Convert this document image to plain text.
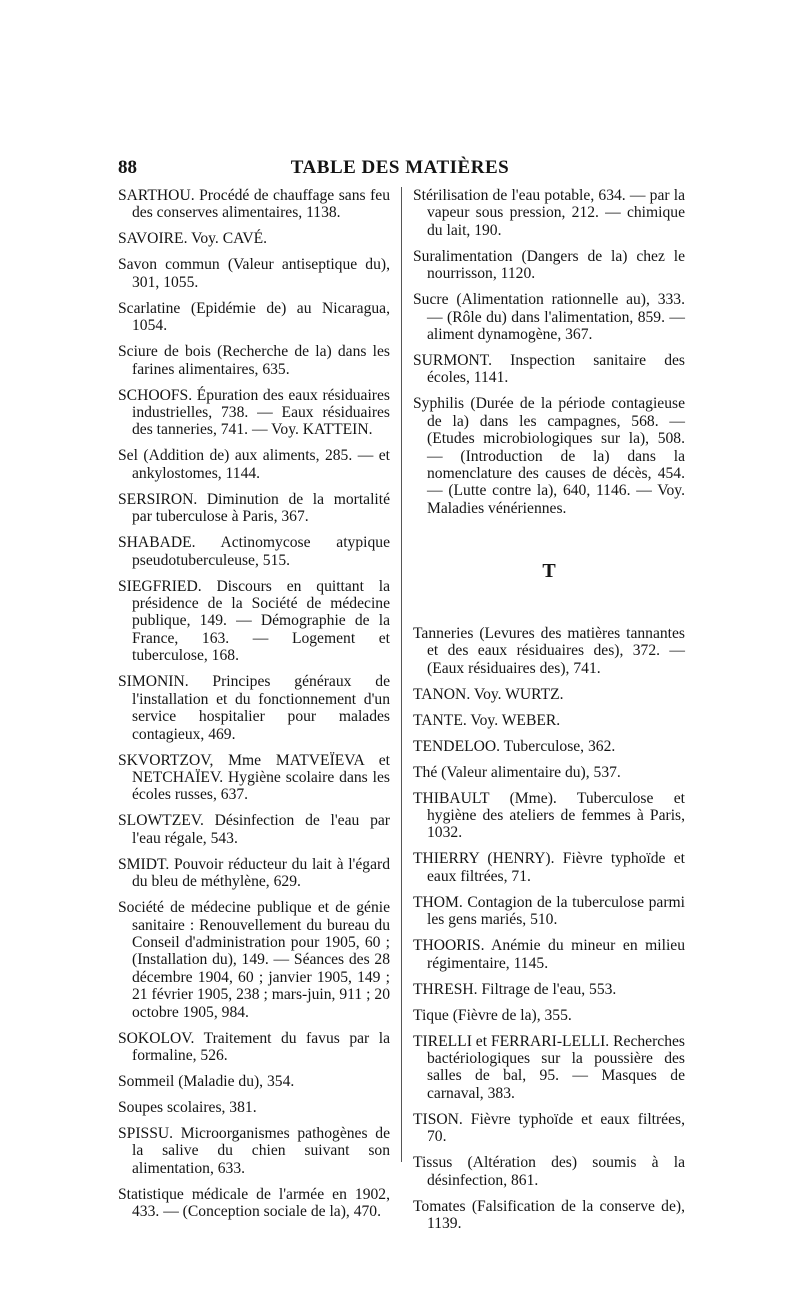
88	TABLE DES MATIÈRES

SARTHOU. Procédé de chauffage sans feu des conserves alimentaires, 1138.

SAVOIRE. Voy. CAVÉ.

Savon commun (Valeur antiseptique du), 301, 1055.

Scarlatine (Epidémie de) au Nicaragua, 1054.

Sciure de bois (Recherche de la) dans les farines alimentaires, 635.

SCHOOFS. Épuration des eaux résiduaires industrielles, 738. — Eaux résiduaires des tanneries, 741. — Voy. KATTEIN.

Sel (Addition de) aux aliments, 285. — et ankylostomes, 1144.

SERSIRON. Diminution de la mortalité par tuberculose à Paris, 367.

SHABADE. Actinomycose atypique pseudotuberculeuse, 515.

SIEGFRIED. Discours en quittant la présidence de la Société de médecine publique, 149. — Démographie de la France, 163. — Logement et tuberculose, 168.

SIMONIN. Principes généraux de l'installation et du fonctionnement d'un service hospitalier pour malades contagieux, 469.

SKVORTZOV, Mme MATVEÏEVA et NETCHAÏEV. Hygiène scolaire dans les écoles russes, 637.

SLOWTZEV. Désinfection de l'eau par l'eau régale, 543.

SMIDT. Pouvoir réducteur du lait à l'égard du bleu de méthylène, 629.

Société de médecine publique et de génie sanitaire : Renouvellement du bureau du Conseil d'administration pour 1905, 60 ; (Installation du), 149. — Séances des 28 décembre 1904, 60 ; janvier 1905, 149 ; 21 février 1905, 238 ; mars-juin, 911 ; 20 octobre 1905, 984.

SOKOLOV. Traitement du favus par la formaline, 526.

Sommeil (Maladie du), 354.

Soupes scolaires, 381.

SPISSU. Microorganismes pathogènes de la salive du chien suivant son alimentation, 633.

Statistique médicale de l'armée en 1902, 433. — (Conception sociale de la), 470.

Stérilisation de l'eau potable, 634. — par la vapeur sous pression, 212. — chimique du lait, 190.

Suralimentation (Dangers de la) chez le nourrisson, 1120.

Sucre (Alimentation rationnelle au), 333. — (Rôle du) dans l'alimentation, 859. — aliment dynamogène, 367.

SURMONT. Inspection sanitaire des écoles, 1141.

Syphilis (Durée de la période contagieuse de la) dans les campagnes, 568. — (Etudes microbiologiques sur la), 508. — (Introduction de la) dans la nomenclature des causes de décès, 454. — (Lutte contre la), 640, 1146. — Voy. Maladies vénériennes.

T

Tanneries (Levures des matières tannantes et des eaux résiduaires des), 372. — (Eaux résiduaires des), 741.

TANON. Voy. WURTZ.

TANTE. Voy. WEBER.

TENDELOO. Tuberculose, 362.

Thé (Valeur alimentaire du), 537.

THIBAULT (Mme). Tuberculose et hygiène des ateliers de femmes à Paris, 1032.

THIERRY (HENRY). Fièvre typhoïde et eaux filtrées, 71.

THOM. Contagion de la tuberculose parmi les gens mariés, 510.

THOORIS. Anémie du mineur en milieu régimentaire, 1145.

THRESH. Filtrage de l'eau, 553.

Tique (Fièvre de la), 355.

TIRELLI et FERRARI-LELLI. Recherches bactériologiques sur la poussière des salles de bal, 95. — Masques de carnaval, 383.

TISON. Fièvre typhoïde et eaux filtrées, 70.

Tissus (Altération des) soumis à la désinfection, 861.

Tomates (Falsification de la conserve de), 1139.
